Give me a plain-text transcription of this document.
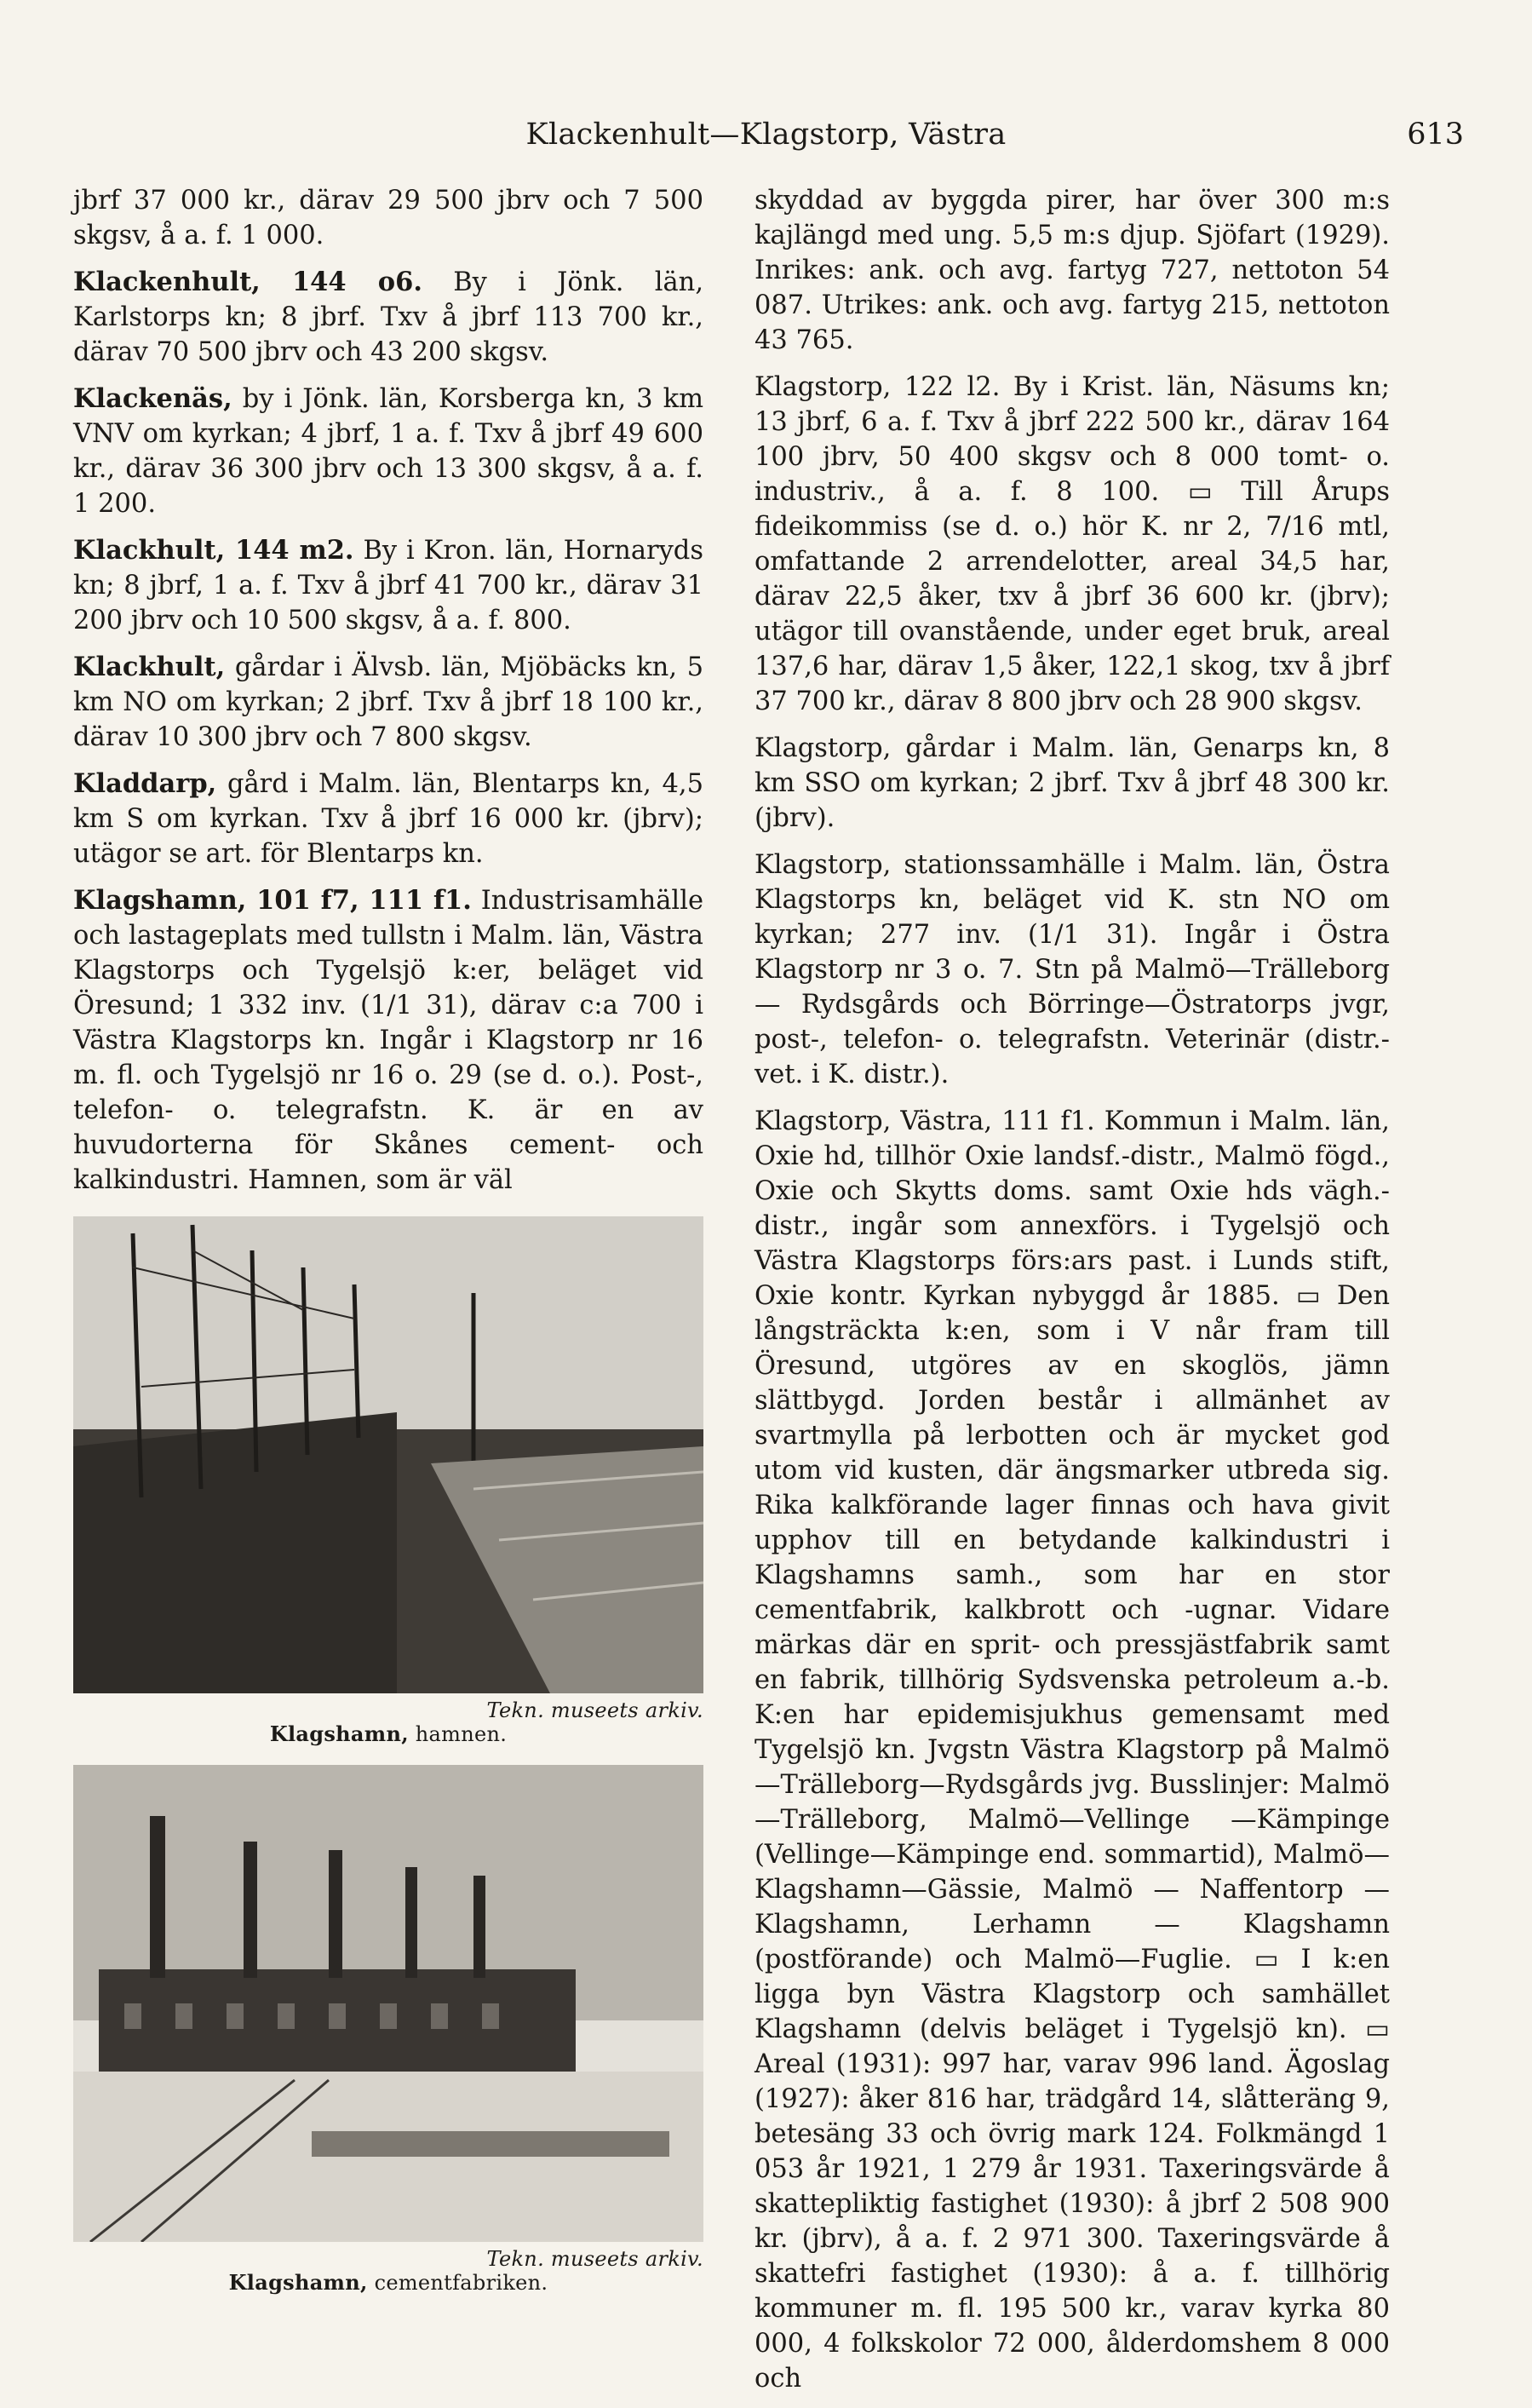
Klackenhult—Klagstorp, Västra	613

jbrf 37 000 kr., därav 29 500 jbrv och 7 500 skgsv, å a. f. 1 000.

Klackenhult, 144 o6. By i Jönk. län, Karlstorps kn; 8 jbrf. Txv å jbrf 113 700 kr., därav 70 500 jbrv och 43 200 skgsv.

Klackenäs, by i Jönk. län, Korsberga kn, 3 km VNV om kyrkan; 4 jbrf, 1 a. f. Txv å jbrf 49 600 kr., därav 36 300 jbrv och 13 300 skgsv, å a. f. 1 200.

Klackhult, 144 m2. By i Kron. län, Hornaryds kn; 8 jbrf, 1 a. f. Txv å jbrf 41 700 kr., därav 31 200 jbrv och 10 500 skgsv, å a. f. 800.

Klackhult, gårdar i Älvsb. län, Mjöbäcks kn, 5 km NO om kyrkan; 2 jbrf. Txv å jbrf 18 100 kr., därav 10 300 jbrv och 7 800 skgsv.

Kladdarp, gård i Malm. län, Blentarps kn, 4,5 km S om kyrkan. Txv å jbrf 16 000 kr. (jbrv); utägor se art. för Blentarps kn.

Klagshamn, 101 f7, 111 f1. Industrisamhälle och lastageplats med tullstn i Malm. län, Västra Klagstorps och Tygelsjö k:er, beläget vid Öresund; 1 332 inv. (1/1 31), därav c:a 700 i Västra Klagstorps kn. Ingår i Klagstorp nr 16 m. fl. och Tygelsjö nr 16 o. 29 (se d. o.). Post-, telefon- o. telegrafstn. K. är en av huvudorterna för Skånes cement- och kalkindustri. Hamnen, som är väl

Tekn. museets arkiv.
Klagshamn, hamnen.
Tekn. museets arkiv.
Klagshamn, cementfabriken.

skyddad av byggda pirer, har över 300 m:s kajlängd med ung. 5,5 m:s djup. Sjöfart (1929). Inrikes: ank. och avg. fartyg 727, nettoton 54 087. Utrikes: ank. och avg. fartyg 215, nettoton 43 765.

Klagstorp, 122 l2. By i Krist. län, Näsums kn; 13 jbrf, 6 a. f. Txv å jbrf 222 500 kr., därav 164 100 jbrv, 50 400 skgsv och 8 000 tomt- o. industriv., å a. f. 8 100. ▭ Till Årups fideikommiss (se d. o.) hör K. nr 2, 7/16 mtl, omfattande 2 arrendelotter, areal 34,5 har, därav 22,5 åker, txv å jbrf 36 600 kr. (jbrv); utägor till ovanstående, under eget bruk, areal 137,6 har, därav 1,5 åker, 122,1 skog, txv å jbrf 37 700 kr., därav 8 800 jbrv och 28 900 skgsv.

Klagstorp, gårdar i Malm. län, Genarps kn, 8 km SSO om kyrkan; 2 jbrf. Txv å jbrf 48 300 kr. (jbrv).

Klagstorp, stationssamhälle i Malm. län, Östra Klagstorps kn, beläget vid K. stn NO om kyrkan; 277 inv. (1/1 31). Ingår i Östra Klagstorp nr 3 o. 7. Stn på Malmö—Trälleborg — Rydsgårds och Börringe—Östratorps jvgr, post-, telefon- o. telegrafstn. Veterinär (distr.-vet. i K. distr.).

Klagstorp, Västra, 111 f1. Kommun i Malm. län, Oxie hd, tillhör Oxie landsf.-distr., Malmö fögd., Oxie och Skytts doms. samt Oxie hds vägh.-distr., ingår som annexförs. i Tygelsjö och Västra Klagstorps förs:ars past. i Lunds stift, Oxie kontr. Kyrkan nybyggd år 1885. ▭ Den långsträckta k:en, som i V når fram till Öresund, utgöres av en skoglös, jämn slättbygd. Jorden består i allmänhet av svartmylla på lerbotten och är mycket god utom vid kusten, där ängsmarker utbreda sig. Rika kalkförande lager finnas och hava givit upphov till en betydande kalkindustri i Klagshamns samh., som har en stor cementfabrik, kalkbrott och -ugnar. Vidare märkas där en sprit- och pressjästfabrik samt en fabrik, tillhörig Sydsvenska petroleum a.-b. K:en har epidemisjukhus gemensamt med Tygelsjö kn. Jvgstn Västra Klagstorp på Malmö—Trälleborg—Rydsgårds jvg. Busslinjer: Malmö—Trälleborg, Malmö—Vellinge —Kämpinge (Vellinge—Kämpinge end. sommartid), Malmö—Klagshamn—Gässie, Malmö — Naffentorp — Klagshamn, Lerhamn — Klagshamn (postförande) och Malmö—Fuglie. ▭ I k:en ligga byn Västra Klagstorp och samhället Klagshamn (delvis beläget i Tygelsjö kn). ▭ Areal (1931): 997 har, varav 996 land. Ägoslag (1927): åker 816 har, trädgård 14, slåtteräng 9, betesäng 33 och övrig mark 124. Folkmängd 1 053 år 1921, 1 279 år 1931. Taxeringsvärde å skattepliktig fastighet (1930): å jbrf 2 508 900 kr. (jbrv), å a. f. 2 971 300. Taxeringsvärde å skattefri fastighet (1930): å a. f. tillhörig kommuner m. fl. 195 500 kr., varav kyrka 80 000, 4 folkskolor 72 000, ålderdomshem 8 000 och
